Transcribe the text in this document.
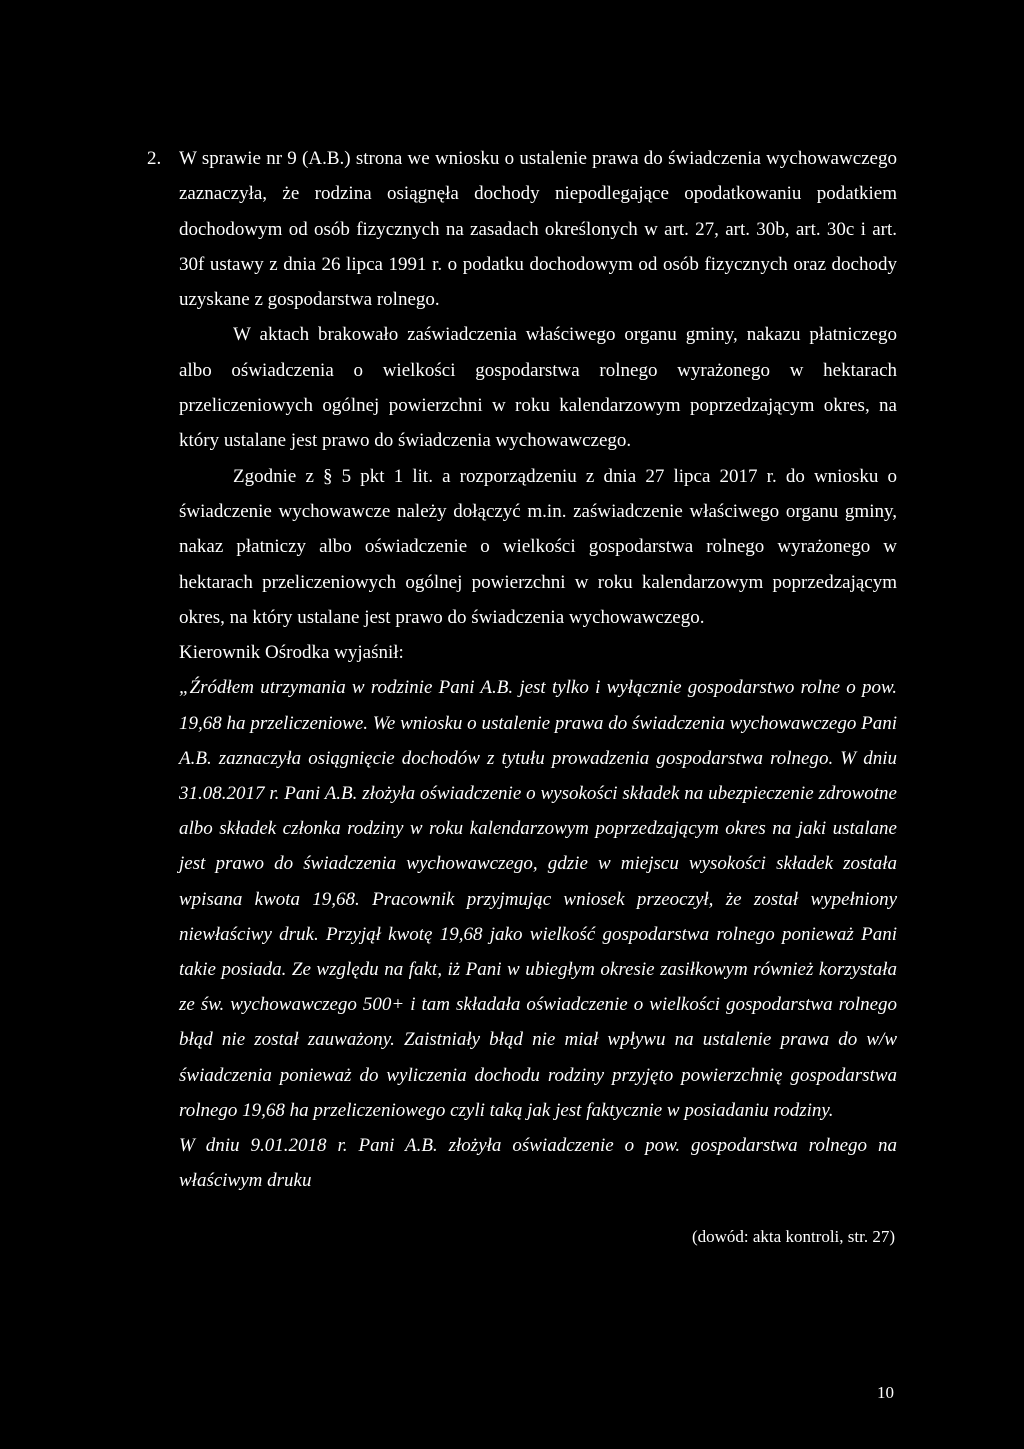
2. W sprawie nr 9 (A.B.) strona we wniosku o ustalenie prawa do świadczenia wychowawczego zaznaczyła, że rodzina osiągnęła dochody niepodlegające opodatkowaniu podatkiem dochodowym od osób fizycznych na zasadach określonych w art. 27, art. 30b, art. 30c i art. 30f ustawy z dnia 26 lipca 1991 r. o podatku dochodowym od osób fizycznych oraz dochody uzyskane z gospodarstwa rolnego.

W aktach brakowało zaświadczenia właściwego organu gminy, nakazu płatniczego albo oświadczenia o wielkości gospodarstwa rolnego wyrażonego w hektarach przeliczeniowych ogólnej powierzchni w roku kalendarzowym poprzedzającym okres, na który ustalane jest prawo do świadczenia wychowawczego.

Zgodnie z § 5 pkt 1 lit. a rozporządzeniu z dnia 27 lipca 2017 r. do wniosku o świadczenie wychowawcze należy dołączyć m.in. zaświadczenie właściwego organu gminy, nakaz płatniczy albo oświadczenie o wielkości gospodarstwa rolnego wyrażonego w hektarach przeliczeniowych ogólnej powierzchni w roku kalendarzowym poprzedzającym okres, na który ustalane jest prawo do świadczenia wychowawczego.

Kierownik Ośrodka wyjaśnił:

„Źródłem utrzymania w rodzinie Pani A.B. jest tylko i wyłącznie gospodarstwo rolne o pow. 19,68 ha przeliczeniowe. We wniosku o ustalenie prawa do świadczenia wychowawczego Pani A.B. zaznaczyła osiągnięcie dochodów z tytułu prowadzenia gospodarstwa rolnego. W dniu 31.08.2017 r. Pani A.B. złożyła oświadczenie o wysokości składek na ubezpieczenie zdrowotne albo składek członka rodziny w roku kalendarzowym poprzedzającym okres na jaki ustalane jest prawo do świadczenia wychowawczego, gdzie w miejscu wysokości składek została wpisana kwota 19,68. Pracownik przyjmując wniosek przeoczył, że został wypełniony niewłaściwy druk. Przyjął kwotę 19,68 jako wielkość gospodarstwa rolnego ponieważ Pani takie posiada. Ze względu na fakt, iż Pani w ubiegłym okresie zasiłkowym również korzystała ze św. wychowawczego 500+ i tam składała oświadczenie o wielkości gospodarstwa rolnego błąd nie został zauważony. Zaistniały błąd nie miał wpływu na ustalenie prawa do w/w świadczenia ponieważ do wyliczenia dochodu rodziny przyjęto powierzchnię gospodarstwa rolnego 19,68 ha przeliczeniowego czyli taką jak jest faktycznie w posiadaniu rodziny.

W dniu 9.01.2018 r. Pani A.B. złożyła oświadczenie o pow. gospodarstwa rolnego na właściwym druku

(dowód: akta kontroli, str. 27)

10
